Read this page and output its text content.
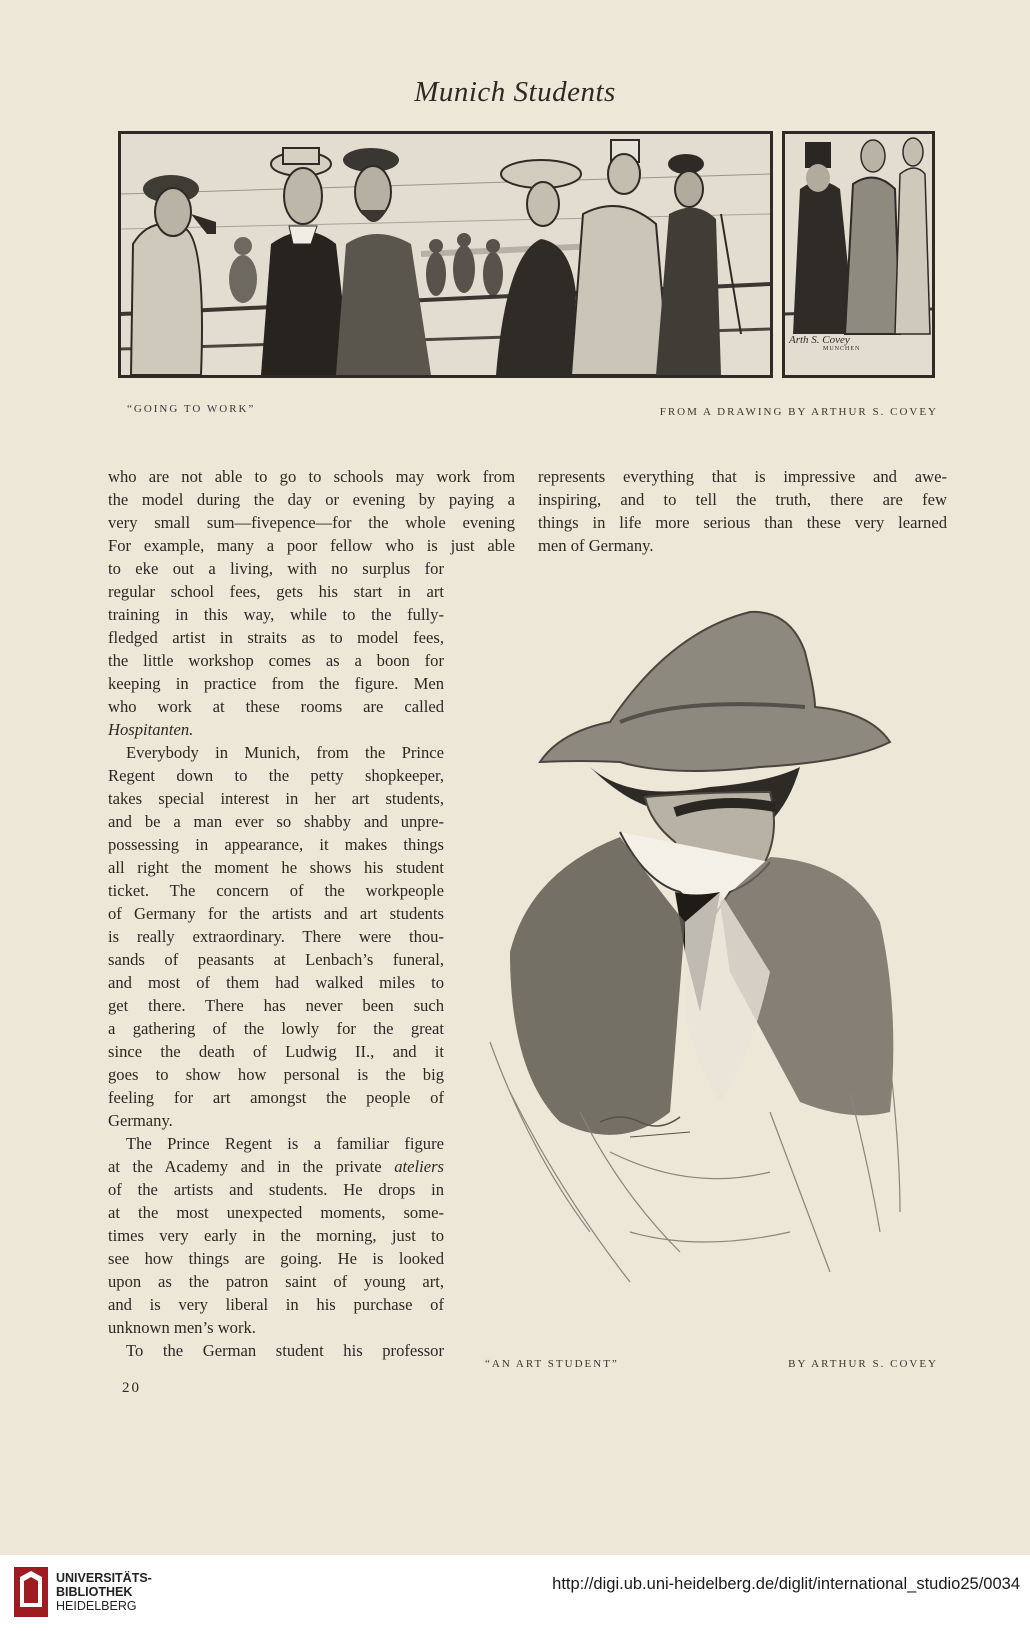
Munich Students
Arth S. Covey
MUNCHEN
“GOING TO WORK”	FROM A DRAWING BY ARTHUR S. COVEY
who are not able to go to schools may work from
the model during the day or evening by paying a
very small sum—fivepence—for the whole evening
For example, many a poor fellow who is just able
to eke out a living, with no surplus for
regular school fees, gets his start in art
training in this way, while to the fully-
fledged artist in straits as to model fees,
the little workshop comes as a boon for
keeping in practice from the figure. Men
who work at these rooms are called
Hospitanten.
Everybody in Munich, from the Prince
Regent down to the petty shopkeeper,
takes special interest in her art students,
and be a man ever so shabby and unpre-
possessing in appearance, it makes things
all right the moment he shows his student
ticket. The concern of the workpeople
of Germany for the artists and art students
is really extraordinary. There were thou-
sands of peasants at Lenbach’s funeral,
and most of them had walked miles to
get there. There has never been such
a gathering of the lowly for the great
since the death of Ludwig II., and it
goes to show how personal is the big
feeling for art amongst the people of
Germany.
The Prince Regent is a familiar figure
at the Academy and in the private ateliers
of the artists and students. He drops in
at the most unexpected moments, some-
times very early in the morning, just to
see how things are going. He is looked
upon as the patron saint of young art,
and is very liberal in his purchase of
unknown men’s work.
To the German student his professor
20
represents everything that is impressive and awe-
inspiring, and to tell the truth, there are few
things in life more serious than these very learned
men of Germany.
“AN ART STUDENT”	BY ARTHUR S. COVEY
UNIVERSITÄTS-
BIBLIOTHEK
HEIDELBERG
http://digi.ub.uni-heidelberg.de/diglit/international_studio25/0034
